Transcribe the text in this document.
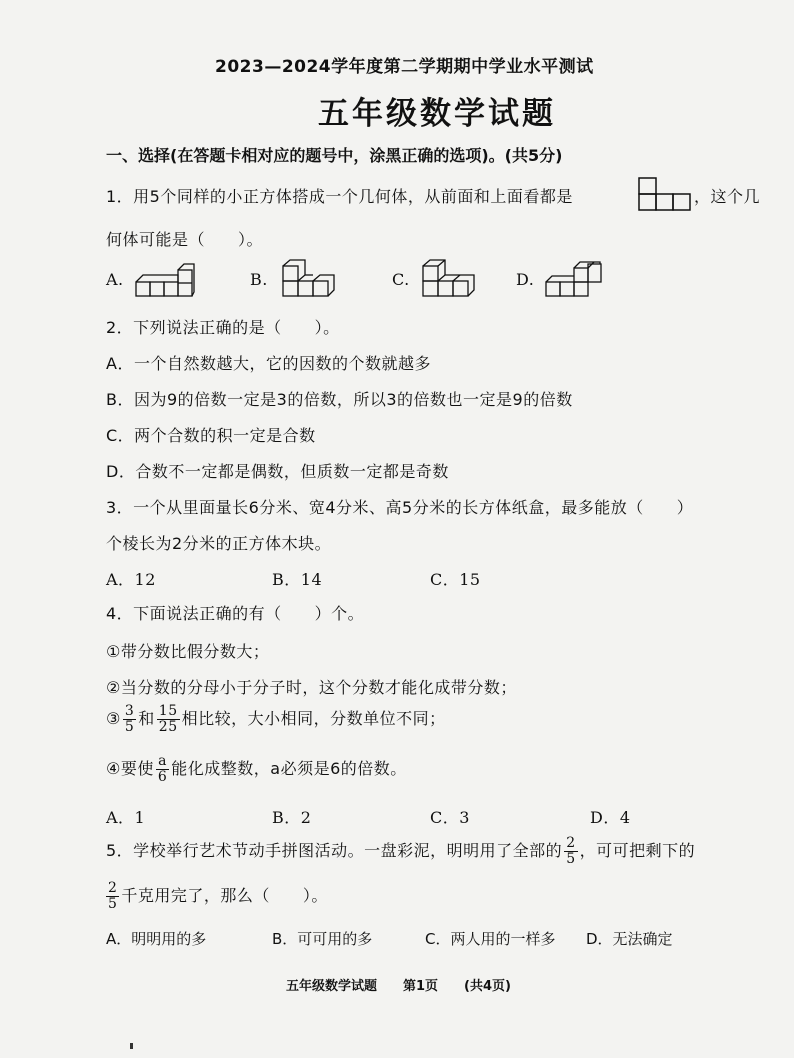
2023—2024学年度第二学期期中学业水平测试
五年级数学试题
一、选择(在答题卡相对应的题号中，涂黑正确的选项)。(共5分)
1．用5个同样的小正方体搭成一个几何体，从前面和上面看都是	，这个几
何体可能是（　　）。
A.	B.	C.	D.
2．下列说法正确的是（　　）。
A．一个自然数越大，它的因数的个数就越多
B．因为9的倍数一定是3的倍数，所以3的倍数也一定是9的倍数
C．两个合数的积一定是合数
D．合数不一定都是偶数，但质数一定都是奇数
3．一个从里面量长6分米、宽4分米、高5分米的长方体纸盒，最多能放（　　）
个棱长为2分米的正方体木块。
A．12	B．14	C．15
4．下面说法正确的有（　　）个。
①带分数比假分数大；
②当分数的分母小于分子时，这个分数才能化成带分数；
③ $\frac{3}{5}$ 和 $\frac{15}{25}$ 相比较，大小相同，分数单位不同；
④要使 $\frac{a}{6}$ 能化成整数，a必须是6的倍数。
A．1	B．2	C．3	D．4
5．学校举行艺术节动手拼图活动。一盘彩泥，明明用了全部的 $\frac{2}{5}$ ，可可把剩下的
$\frac{2}{5}$ 千克用完了，那么（　　）。
A．明明用的多	B．可可用的多	C．两人用的一样多 D．无法确定
五年级数学试题　　第1页　　(共4页)
